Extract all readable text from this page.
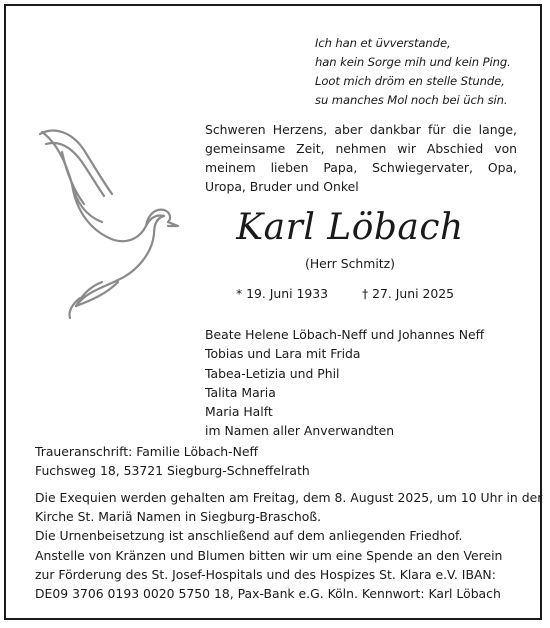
Ich han et üvverstande,
han kein Sorge mih und kein Ping.
Loot mich dröm en stelle Stunde,
su manches Mol noch bei üch sin.
Schweren Herzens, aber dankbar für die lange, gemeinsame Zeit, nehmen wir Abschied von meinem lieben Papa, Schwiegervater, Opa, Uropa, Bruder und Onkel
Karl Löbach
(Herr Schmitz)
* 19. Juni 1933	† 27. Juni 2025
Beate Helene Löbach-Neff und Johannes Neff
Tobias und Lara mit Frida
Tabea-Letizia und Phil
Talita Maria
Maria Halft
im Namen aller Anverwandten
Traueranschrift: Familie Löbach-Neff
Fuchsweg 18, 53721 Siegburg-Schneffelrath
Die Exequien werden gehalten am Freitag, dem 8. August 2025, um 10 Uhr in der
Kirche St. Mariä Namen in Siegburg-Braschoß.
Die Urnenbeisetzung ist anschließend auf dem anliegenden Friedhof.
Anstelle von Kränzen und Blumen bitten wir um eine Spende an den Verein
zur Förderung des St. Josef-Hospitals und des Hospizes St. Klara e.V. IBAN:
DE09 3706 0193 0020 5750 18, Pax-Bank e.G. Köln. Kennwort: Karl Löbach
